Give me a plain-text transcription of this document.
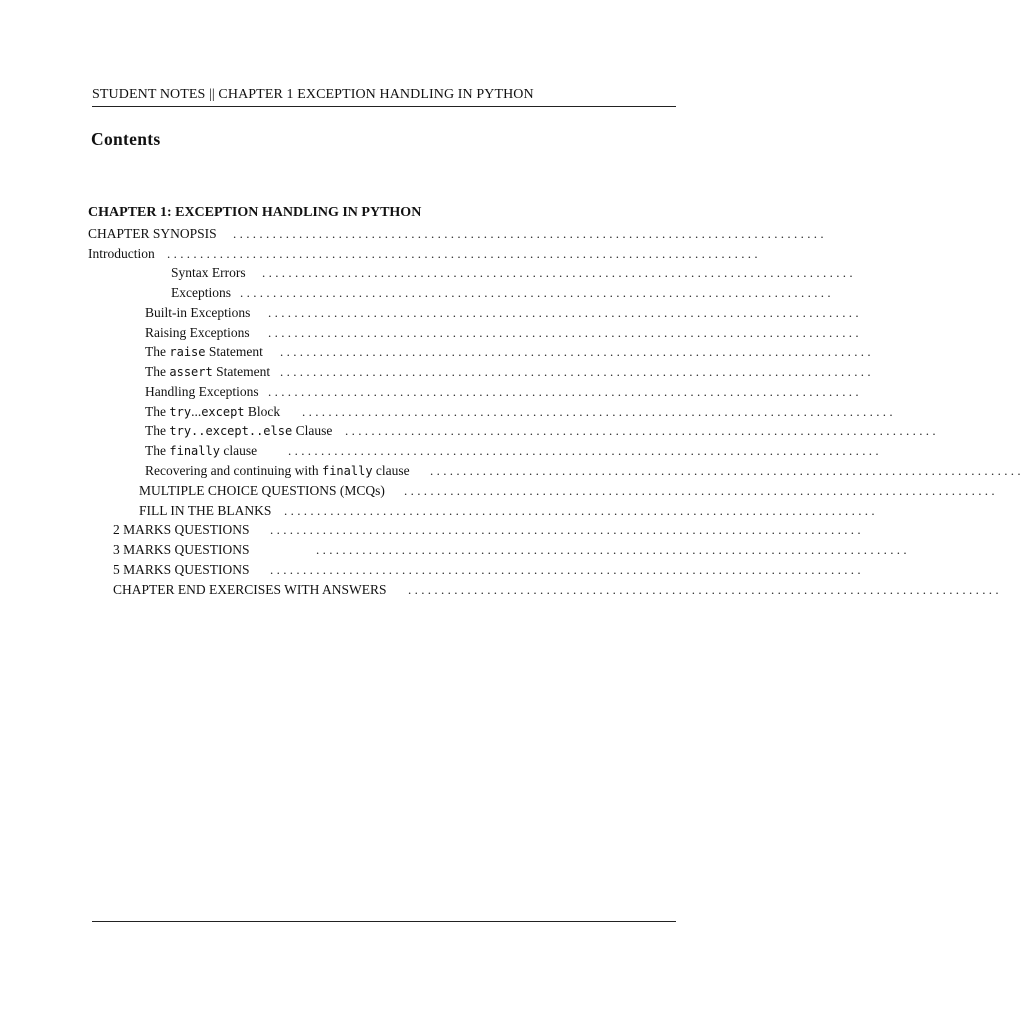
STUDENT NOTES || CHAPTER 1 EXCEPTION HANDLING IN PYTHON
Contents
CHAPTER 1: EXCEPTION HANDLING IN PYTHON
CHAPTER SYNOPSIS ..........................................................................................
Introduction ..........................................................................................
Syntax Errors ..........................................................................................
Exceptions ..........................................................................................
Built-in Exceptions ..........................................................................................
Raising Exceptions ..........................................................................................
The raise Statement ..........................................................................................
The assert Statement ..........................................................................................
Handling Exceptions ..........................................................................................
The try...except Block ..........................................................................................
The try..except..else Clause ..........................................................................................
The finally clause ..........................................................................................
Recovering and continuing with finally clause ..........................................................................................
MULTIPLE CHOICE QUESTIONS (MCQs) ..........................................................................................
FILL IN THE BLANKS ..........................................................................................
2 MARKS QUESTIONS ..........................................................................................
3 MARKS QUESTIONS	..........................................................................................
5 MARKS QUESTIONS ..........................................................................................
CHAPTER END EXERCISES WITH ANSWERS ..........................................................................................
